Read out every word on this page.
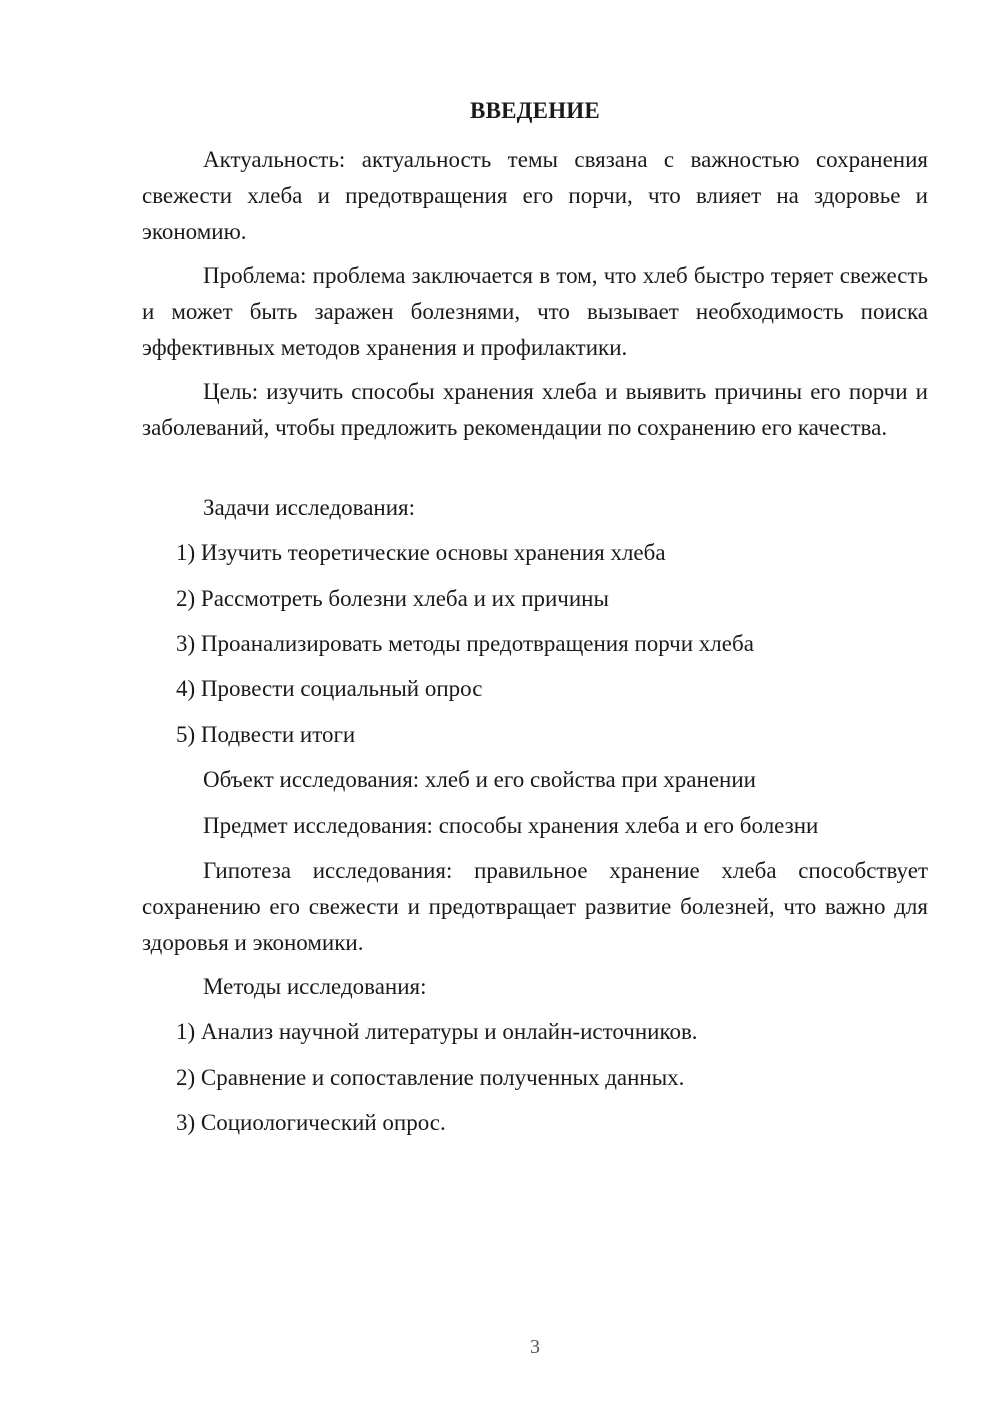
ВВЕДЕНИЕ

Актуальность: актуальность темы связана с важностью сохранения свежести хлеба и предотвращения его порчи, что влияет на здоровье и экономию.

Проблема: проблема заключается в том, что хлеб быстро теряет свежесть и может быть заражен болезнями, что вызывает необходимость поиска эффективных методов хранения и профилактики.

Цель: изучить способы хранения хлеба и выявить причины его порчи и заболеваний, чтобы предложить рекомендации по сохранению его качества.

Задачи исследования:

1) Изучить теоретические основы хранения хлеба

2) Рассмотреть болезни хлеба и их причины

3) Проанализировать методы предотвращения порчи хлеба

4) Провести социальный опрос

5) Подвести итоги

Объект исследования: хлеб и его свойства при хранении

Предмет исследования: способы хранения хлеба и его болезни

Гипотеза исследования: правильное хранение хлеба способствует сохранению его свежести и предотвращает развитие болезней, что важно для здоровья и экономики.

Методы исследования:

1) Анализ научной литературы и онлайн-источников.

2) Сравнение и сопоставление полученных данных.

3) Социологический опрос.

3
